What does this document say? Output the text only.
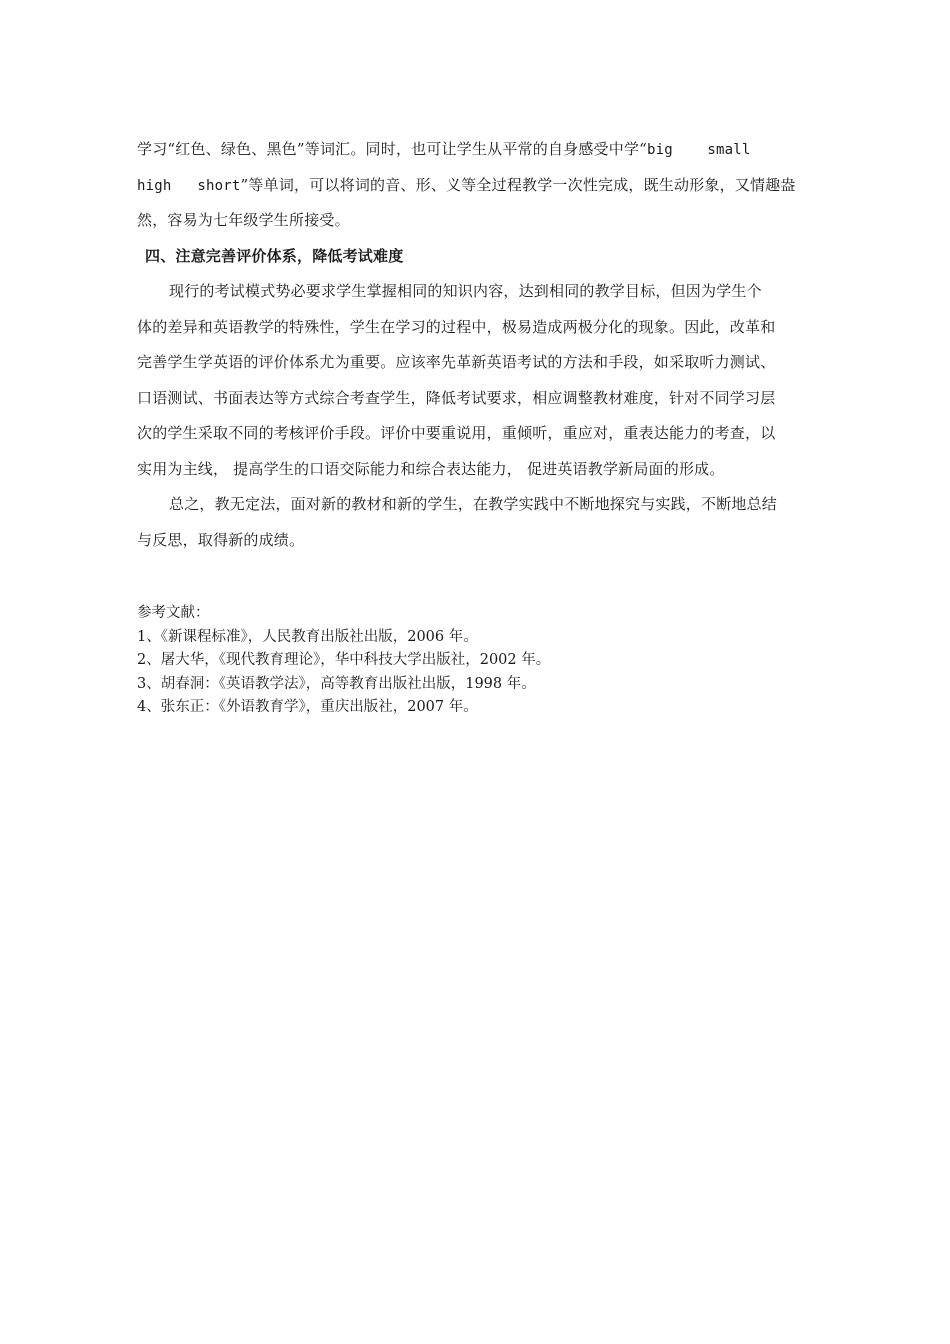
学习“红色、绿色、黑色”等词汇。同时，也可让学生从平常的自身感受中学“big    small
high   short”等单词，可以将词的音、形、义等全过程教学一次性完成，既生动形象，又情趣盎
然，容易为七年级学生所接受。
四、注意完善评价体系，降低考试难度
现行的考试模式势必要求学生掌握相同的知识内容，达到相同的教学目标，但因为学生个
体的差异和英语教学的特殊性，学生在学习的过程中，极易造成两极分化的现象。因此，改革和
完善学生学英语的评价体系尤为重要。应该率先革新英语考试的方法和手段，如采取听力测试、
口语测试、书面表达等方式综合考查学生，降低考试要求，相应调整教材难度，针对不同学习层
次的学生采取不同的考核评价手段。评价中要重说用，重倾听，重应对，重表达能力的考查，以
实用为主线， 提高学生的口语交际能力和综合表达能力， 促进英语教学新局面的形成。
总之，教无定法，面对新的教材和新的学生，在教学实践中不断地探究与实践，不断地总结
与反思，取得新的成绩。
参考文献：
1、《新课程标准》，人民教育出版社出版，2006 年。
2、屠大华，《现代教育理论》，华中科技大学出版社，2002 年。
3、胡春洞：《英语教学法》，高等教育出版社出版，1998 年。
4、张东正：《外语教育学》，重庆出版社，2007 年。
